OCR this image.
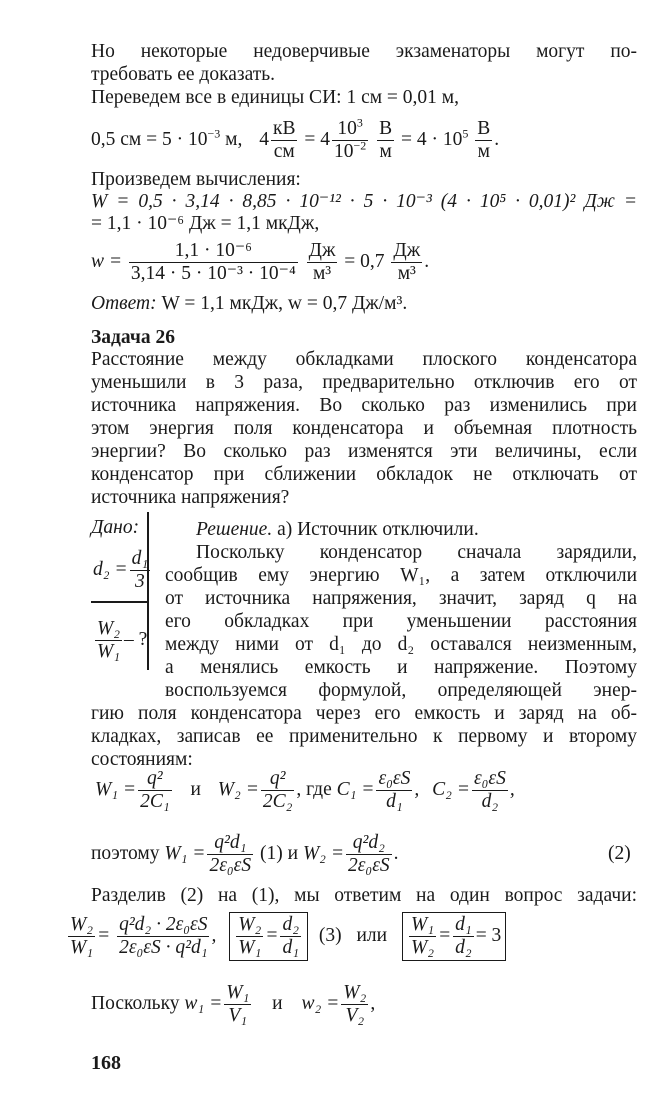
Но некоторые недоверчивые экзаменаторы могут по-
требовать ее доказать.
Переведем все в единицы СИ: 1 см = 0,01 м,
0,5 см = $5 \cdot 10^{-3}$ м, $4 \frac{кВ}{см} = 4 \frac{10^3}{10^{-2}}$
$\frac{В}{м} = 4 \cdot 10^5 \frac{В}{м}$ .
Произведем вычисления:
W = 0,5 · 3,14 · 8,85 · 10⁻¹² · 5 · 10⁻³ (4 · 10⁵ · 0,01)² Дж =
= 1,1 · 10⁻⁶ Дж = 1,1 мкДж,
$w = \frac{\text{1,1 · 10⁻⁶}}{\text{3,14 · 5 · 10⁻³ · 10⁻⁴}}$
$\frac{Дж}{\text{м³}} = 0,7 \frac{Дж}{\text{м³}}$ .
Ответ: W = 1,1 мкДж, w = 0,7 Дж/м³.
Задача 26
Расстояние между обкладками плоского конденсатора
уменьшили в 3 раза, предварительно отключив его от
источника напряжения. Во сколько раз изменились при
этом энергия поля конденсатора и объемная плотность
энергии? Во сколько раз изменятся эти величины, если
конденсатор при сближении обкладок не отключать от
источника напряжения?
Дано:
$d_2 = \frac{\text{d₁}}{3}$
$\frac{\text{W₂}}{\text{W₁}}$ – ?
Решение. а) Источник отключили.
Поскольку конденсатор сначала зарядили,
сообщив ему энергию W₁, а затем отключили
от источника напряжения, значит, заряд q на
его обкладках при уменьшении расстояния
между ними от d₁ до d₂ оставался неизменным,
а менялись емкость и напряжение. Поэтому
воспользуемся формулой, определяющей энер-
гию поля конденсатора через его емкость и заряд на об-
кладках, записав ее применительно к первому и второму
состояниям:
$W_1 = \frac{\text{q²}}{\text{2C₁}}$ и $W_2 = \frac{\text{q²}}{\text{2C₂}}$ , где $C_1 = \frac{\text{ε₀εS}}{\text{d₁}}$ , $C_2 = \frac{\text{ε₀εS}}{\text{d₂}}$ ,
поэтому $W_1 = \frac{\text{q²d₁}}{\text{2ε₀εS}} (1)$ и $W_2 = \frac{\text{q²d₂}}{\text{2ε₀εS}}$ .	(2)
Разделив (2) на (1), мы ответим на один вопрос задачи:
$\frac{\text{W₂}}{\text{W₁}} = \frac{\text{q²d₂ · 2ε₀εS}}{\text{2ε₀εS · q²d₁}}$ , $\frac{\text{W₂}}{\text{W₁}} = \frac{\text{d₂}}{\text{d₁}} (3)$ или $\frac{\text{W₁}}{\text{W₂}} = \frac{\text{d₁}}{\text{d₂}} = 3$
Поскольку $w_1 = \frac{\text{W₁}}{\text{V₁}}$ и $w_2 = \frac{\text{W₂}}{\text{V₂}}$ ,
168
